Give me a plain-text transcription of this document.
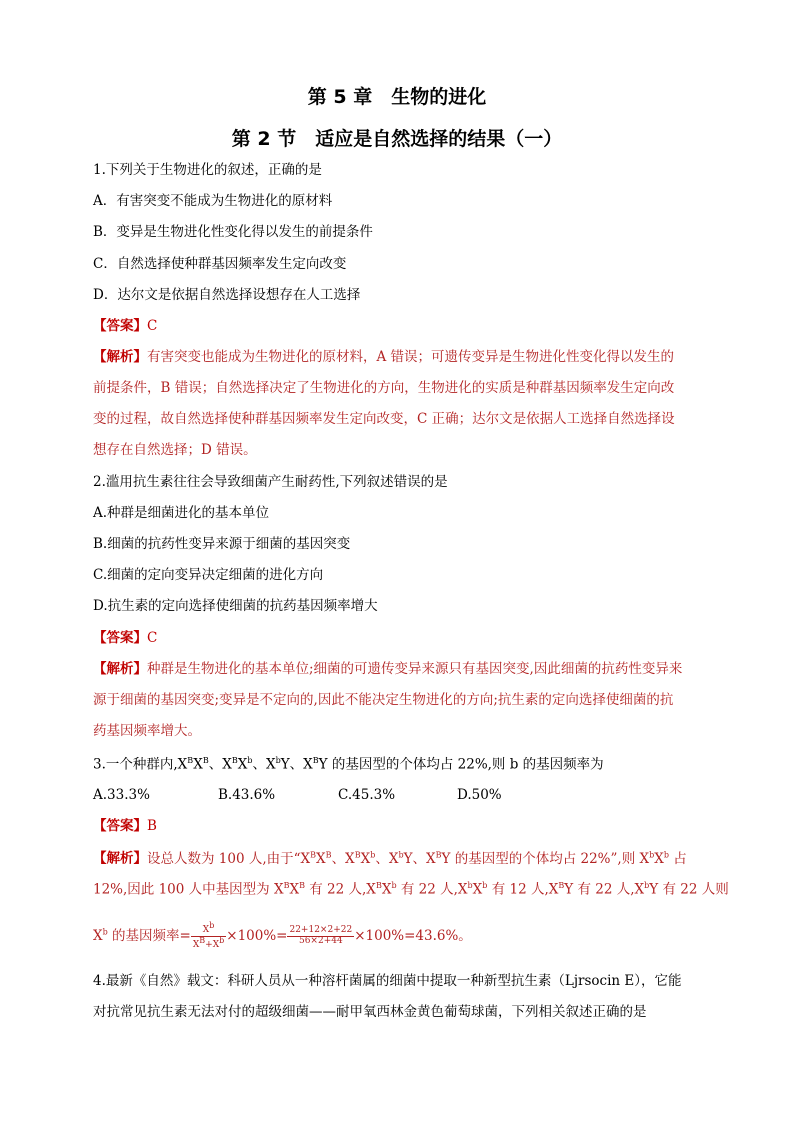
第 5 章　生物的进化
第 2 节　适应是自然选择的结果（一）
1.下列关于生物进化的叙述，正确的是
A．有害突变不能成为生物进化的原材料
B．变异是生物进化性变化得以发生的前提条件
C．自然选择使种群基因频率发生定向改变
D．达尔文是依据自然选择设想存在人工选择
【答案】C
【解析】有害突变也能成为生物进化的原材料，A 错误；可遗传变异是生物进化性变化得以发生的
前提条件，B 错误；自然选择决定了生物进化的方向，生物进化的实质是种群基因频率发生定向改
变的过程，故自然选择使种群基因频率发生定向改变，C 正确；达尔文是依据人工选择自然选择设
想存在自然选择；D 错误。
2.滥用抗生素往往会导致细菌产生耐药性,下列叙述错误的是
A.种群是细菌进化的基本单位
B.细菌的抗药性变异来源于细菌的基因突变
C.细菌的定向变异决定细菌的进化方向
D.抗生素的定向选择使细菌的抗药基因频率增大
【答案】C
【解析】种群是生物进化的基本单位;细菌的可遗传变异来源只有基因突变,因此细菌的抗药性变异来
源于细菌的基因突变;变异是不定向的,因此不能决定生物进化的方向;抗生素的定向选择使细菌的抗
药基因频率增大。
3.一个种群内$,X^BX^B$、$X^BX^b$、$X^bY$、$X^BY$ 的基因型的个体均占 22%,则 b 的基因频率为
A.33.3%	B.43.6%	C.45.3%	D.50%
【答案】B
【解析】设总人数为 100 人,由于“$X^BX^B$、$X^BX^b$、$X^bY$、$X^BY$ 的基因型的个体均占 22%”,则 $X^bX^b$ 占
12%,因此 100 人中基因型为 $X^BX^B$ 有 22 人$,X^BX^b$ 有 22 人$,X^bX^b$ 有 12 人$,X^BY$ 有 22 人$,X^bY$ 有 22 人则
$X^b$ 的基因频率= $\frac{X^b}{X^B+X^b} \times 100\%= \frac{22+12\times 2+22}{56\times 2+44} \times 100\%=43.6\%$。
4.最新《自然》载文：科研人员从一种溶杆菌属的细菌中提取一种新型抗生素（Ljrsocin E），它能
对抗常见抗生素无法对付的超级细菌——耐甲氧西林金黄色葡萄球菌，下列相关叙述正确的是
